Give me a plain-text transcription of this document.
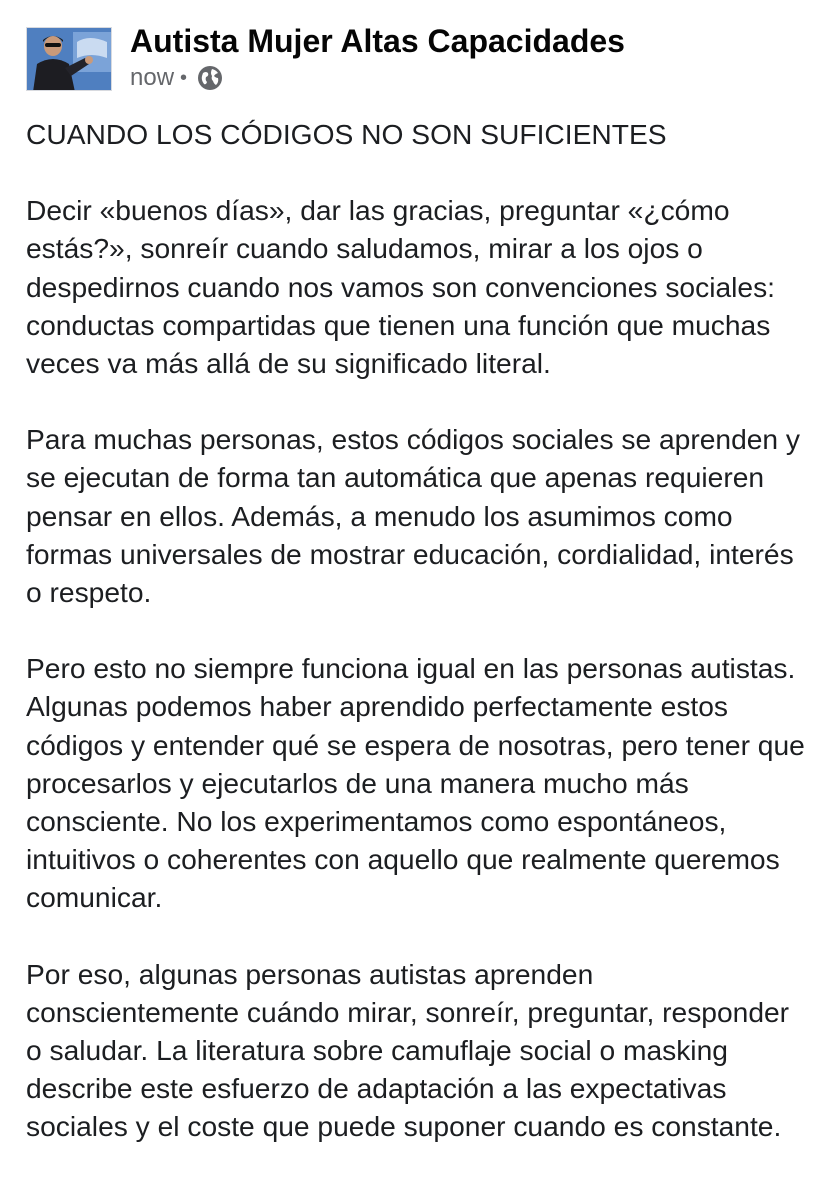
Autista Mujer Altas Capacidades
now •

CUANDO LOS CÓDIGOS NO SON SUFICIENTES

Decir «buenos días», dar las gracias, preguntar «¿cómo estás?», sonreír cuando saludamos, mirar a los ojos o despedirnos cuando nos vamos son convenciones sociales: conductas compartidas que tienen una función que muchas veces va más allá de su significado literal.

Para muchas personas, estos códigos sociales se aprenden y se ejecutan de forma tan automática que apenas requieren pensar en ellos. Además, a menudo los asumimos como formas universales de mostrar educación, cordialidad, interés o respeto.

Pero esto no siempre funciona igual en las personas autistas. Algunas podemos haber aprendido perfectamente estos códigos y entender qué se espera de nosotras, pero tener que procesarlos y ejecutarlos de una manera mucho más consciente. No los experimentamos como espontáneos, intuitivos o coherentes con aquello que realmente queremos comunicar.

Por eso, algunas personas autistas aprenden conscientemente cuándo mirar, sonreír, preguntar, responder o saludar. La literatura sobre camuflaje social o masking describe este esfuerzo de adaptación a las expectativas sociales y el coste que puede suponer cuando es constante.
